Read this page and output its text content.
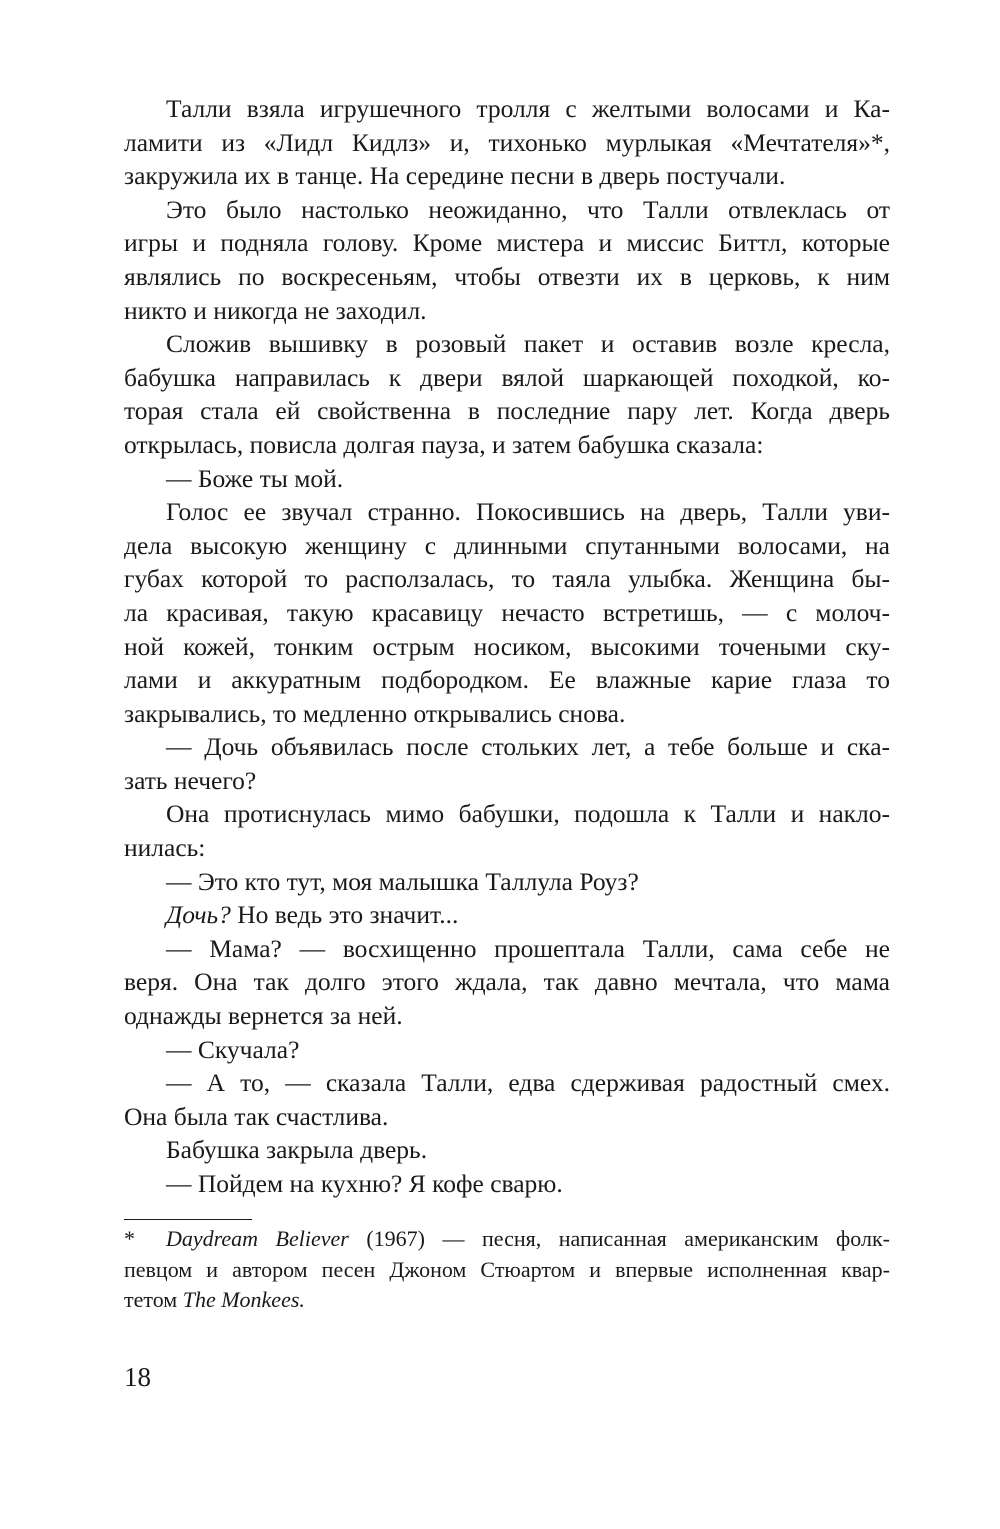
Талли взяла игрушечного тролля с желтыми волосами и Ка-
ламити из «Лидл Кидлз» и, тихонько мурлыкая «Мечтателя»*,
закружила их в танце. На середине песни в дверь постучали.
Это было настолько неожиданно, что Талли отвлеклась от
игры и подняла голову. Кроме мистера и миссис Биттл, которые
являлись по воскресеньям, чтобы отвезти их в церковь, к ним
никто и никогда не заходил.
Сложив вышивку в розовый пакет и оставив возле кресла,
бабушка направилась к двери вялой шаркающей походкой, ко-
торая стала ей свойственна в последние пару лет. Когда дверь
открылась, повисла долгая пауза, и затем бабушка сказала:
— Боже ты мой.
Голос ее звучал странно. Покосившись на дверь, Талли уви-
дела высокую женщину с длинными спутанными волосами, на
губах которой то расползалась, то таяла улыбка. Женщина бы-
ла красивая, такую красавицу нечасто встретишь, — с молоч-
ной кожей, тонким острым носиком, высокими точеными ску-
лами и аккуратным подбородком. Ее влажные карие глаза то
закрывались, то медленно открывались снова.
— Дочь объявилась после стольких лет, а тебе больше и ска-
зать нечего?
Она протиснулась мимо бабушки, подошла к Талли и накло-
нилась:
— Это кто тут, моя малышка Таллула Роуз?
Дочь? Но ведь это значит...
— Мама? — восхищенно прошептала Талли, сама себе не
веря. Она так долго этого ждала, так давно мечтала, что мама
однажды вернется за ней.
— Скучала?
— А то, — сказала Талли, едва сдерживая радостный смех.
Она была так счастлива.
Бабушка закрыла дверь.
— Пойдем на кухню? Я кофе сварю.
* Daydream Believer (1967) — песня, написанная американским фолк-
певцом и автором песен Джоном Стюартом и впервые исполненная квар-
тетом The Monkees.
18
